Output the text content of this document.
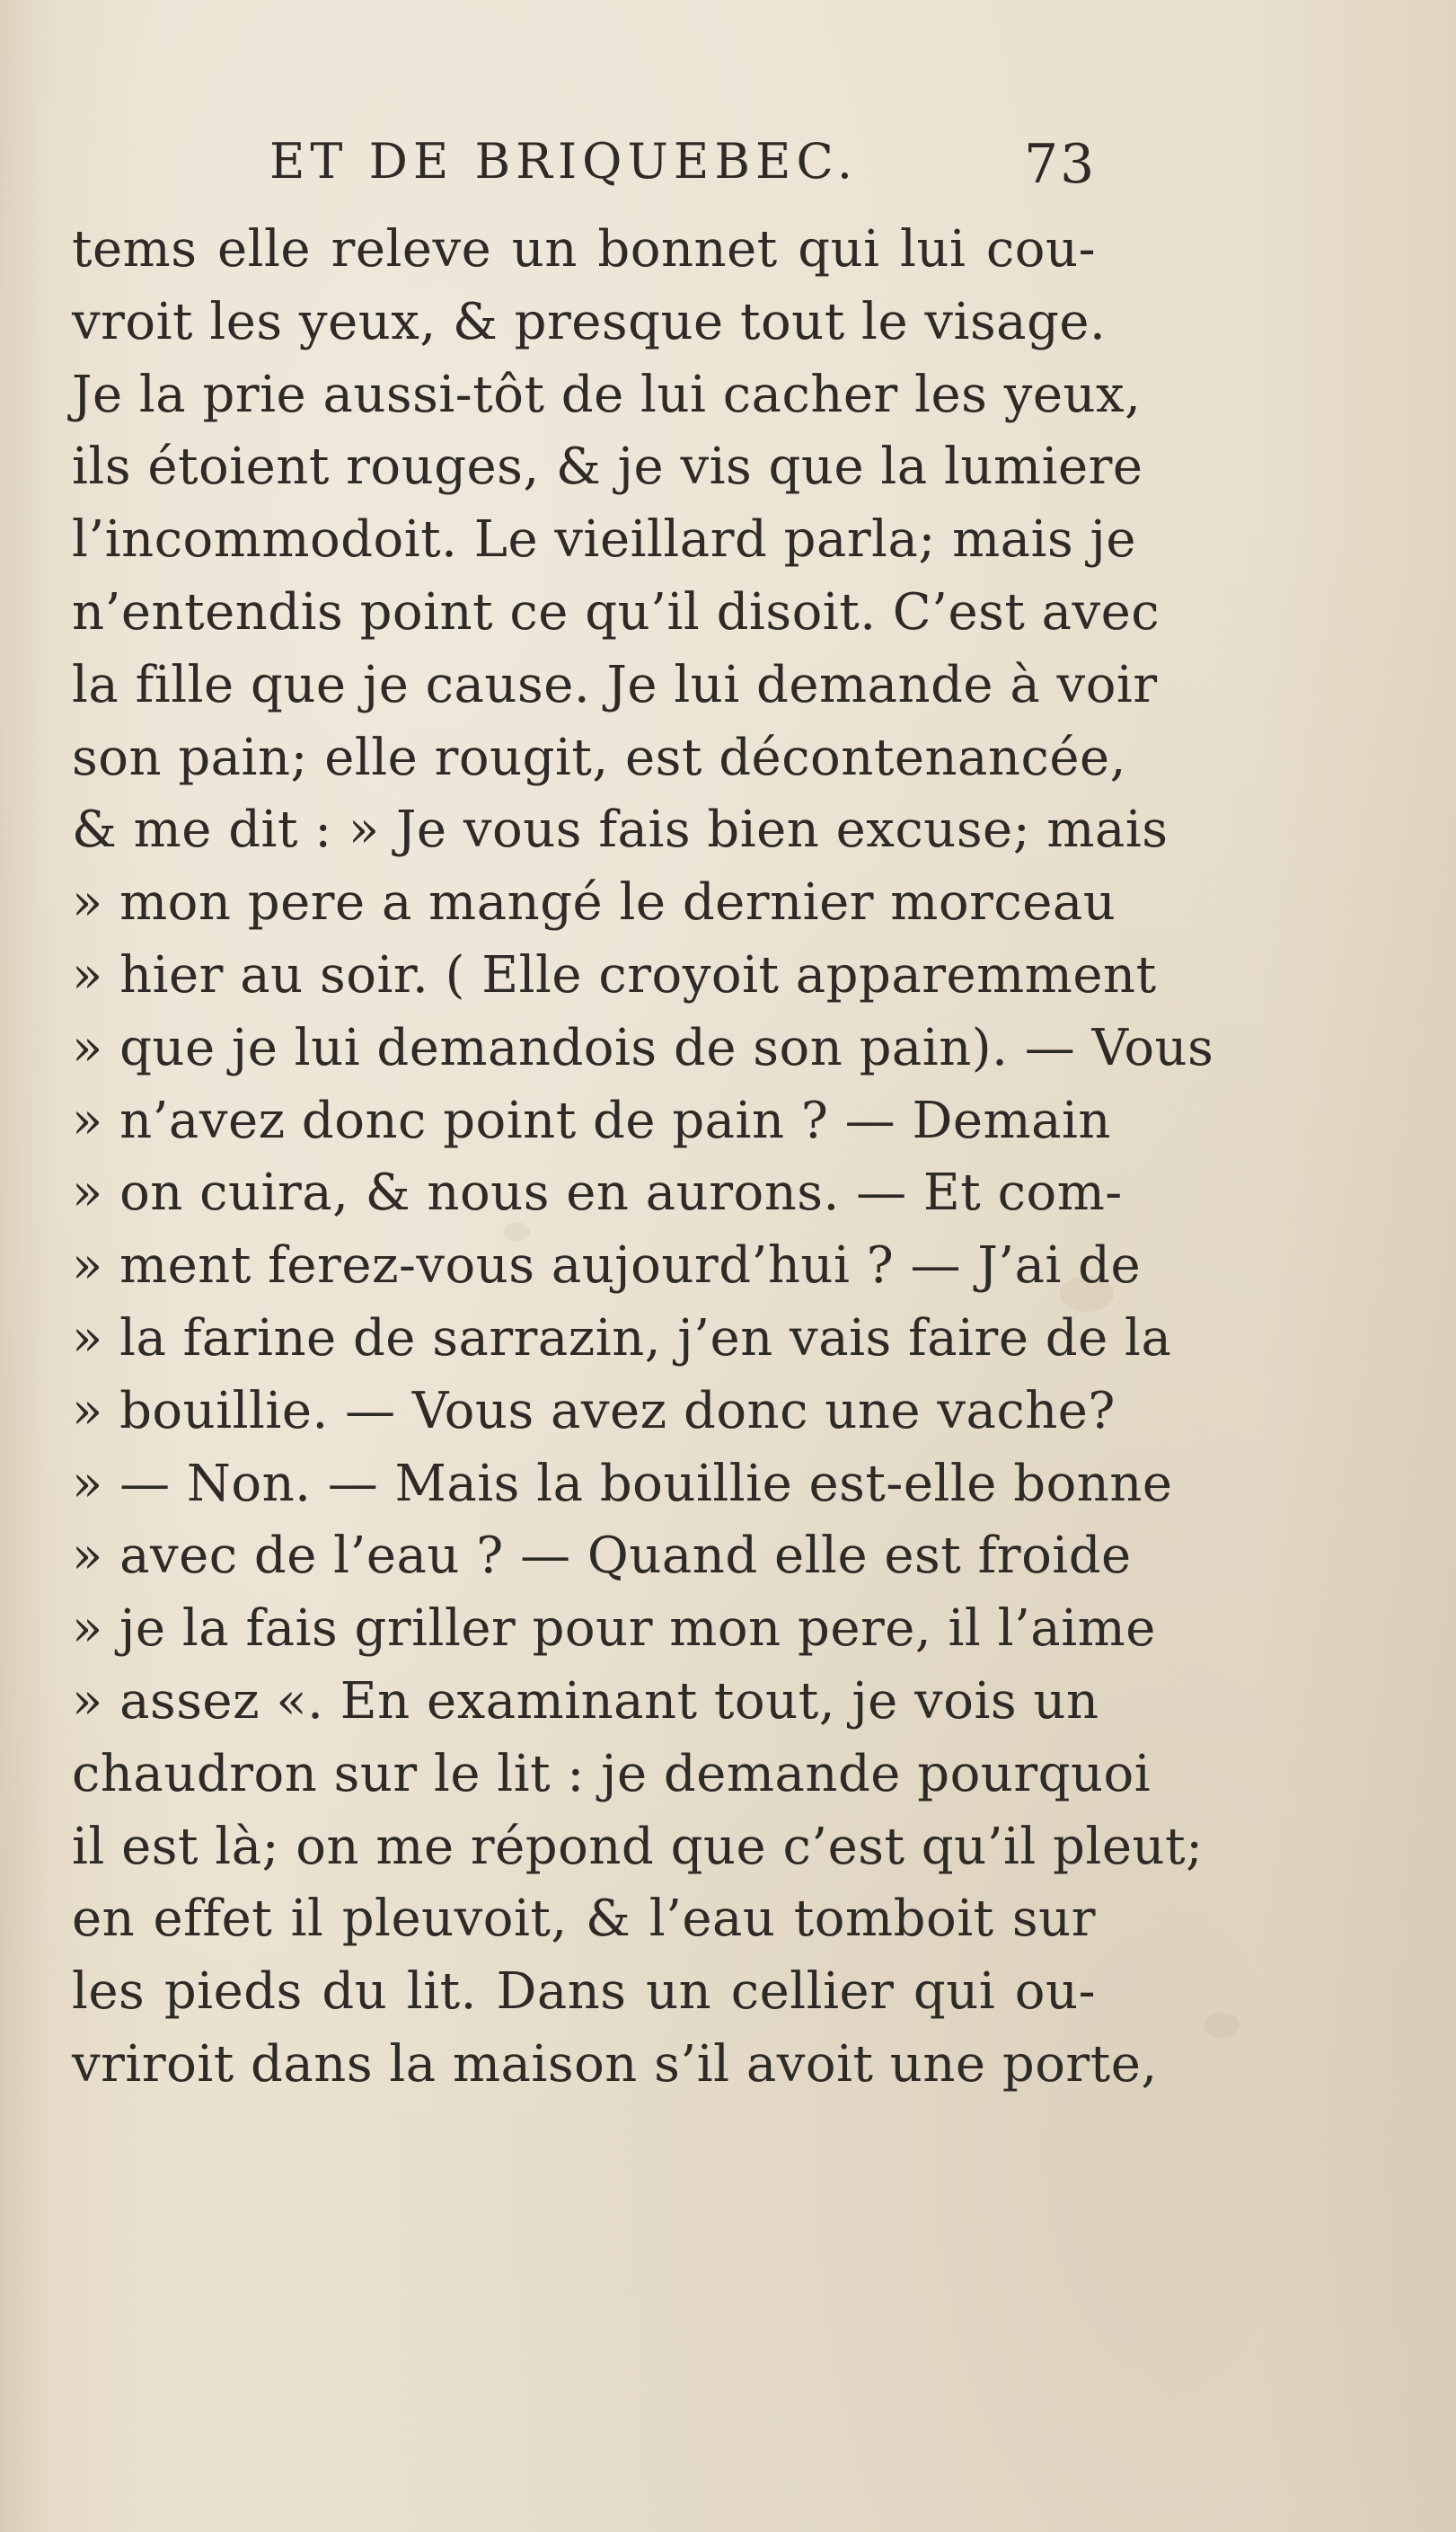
ET DE BRIQUEBEC.	73
tems elle releve un bonnet qui lui cou-
vroit les yeux, & presque tout le visage.
Je la prie aussi-tôt de lui cacher les yeux,
ils étoient rouges, & je vis que la lumiere
l’incommodoit. Le vieillard parla; mais je
n’entendis point ce qu’il disoit. C’est avec
la fille que je cause. Je lui demande à voir
son pain; elle rougit, est décontenancée,
& me dit : » Je vous fais bien excuse; mais
» mon pere a mangé le dernier morceau
» hier au soir. ( Elle croyoit apparemment
» que je lui demandois de son pain). — Vous
» n’avez donc point de pain ? — Demain
» on cuira, & nous en aurons. — Et com-
» ment ferez-vous aujourd’hui ? — J’ai de
» la farine de sarrazin, j’en vais faire de la
» bouillie. — Vous avez donc une vache?
» — Non. — Mais la bouillie est-elle bonne
» avec de l’eau ? — Quand elle est froide
» je la fais griller pour mon pere, il l’aime
» assez «. En examinant tout, je vois un
chaudron sur le lit : je demande pourquoi
il est là; on me répond que c’est qu’il pleut;
en effet il pleuvoit, & l’eau tomboit sur
les pieds du lit. Dans un cellier qui ou-
vriroit dans la maison s’il avoit une porte,
